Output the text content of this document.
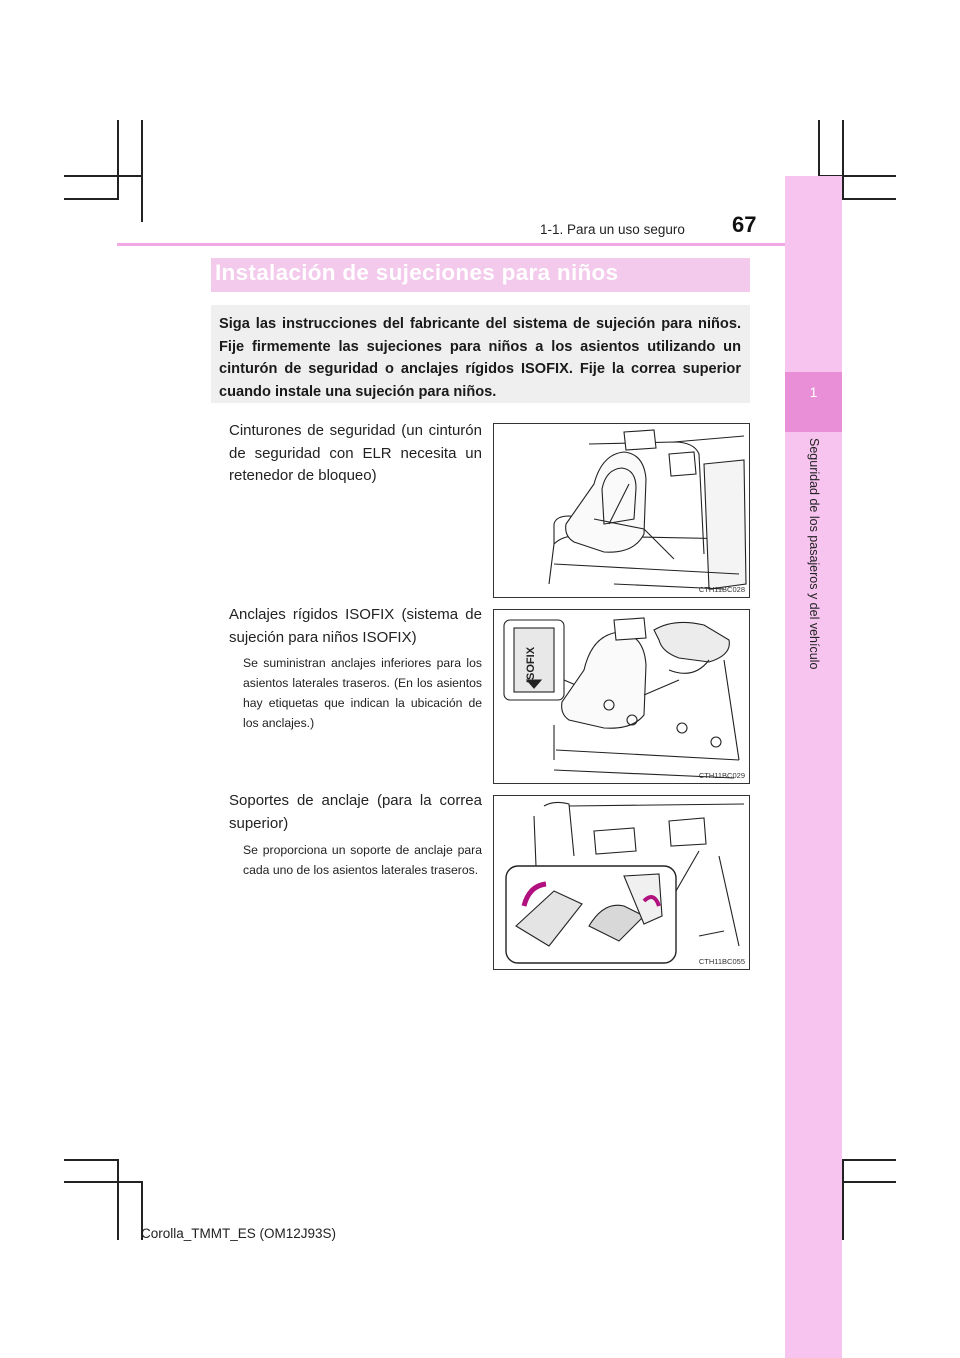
1
Seguridad de los pasajeros y del vehículo
1-1. Para un uso seguro 67
Instalación de sujeciones para niños
Siga las instrucciones del fabricante del sistema de sujeción para niños. Fije firmemente las sujeciones para niños a los asientos utilizando un cinturón de seguridad o anclajes rígidos ISOFIX. Fije la correa superior cuando instale una sujeción para niños.
Cinturones de seguridad (un cinturón de seguridad con ELR necesita un retenedor de bloqueo)
CTH11BC028
Anclajes rígidos ISOFIX (sistema de sujeción para niños ISOFIX)
Se suministran anclajes inferiores para los asientos laterales traseros. (En los asientos hay etiquetas que indican la ubicación de los anclajes.)
ISOFIX
CTH11BC029
Soportes de anclaje (para la correa superior)
Se proporciona un soporte de anclaje para cada uno de los asientos laterales traseros.
CTH11BC055
Corolla_TMMT_ES (OM12J93S)
